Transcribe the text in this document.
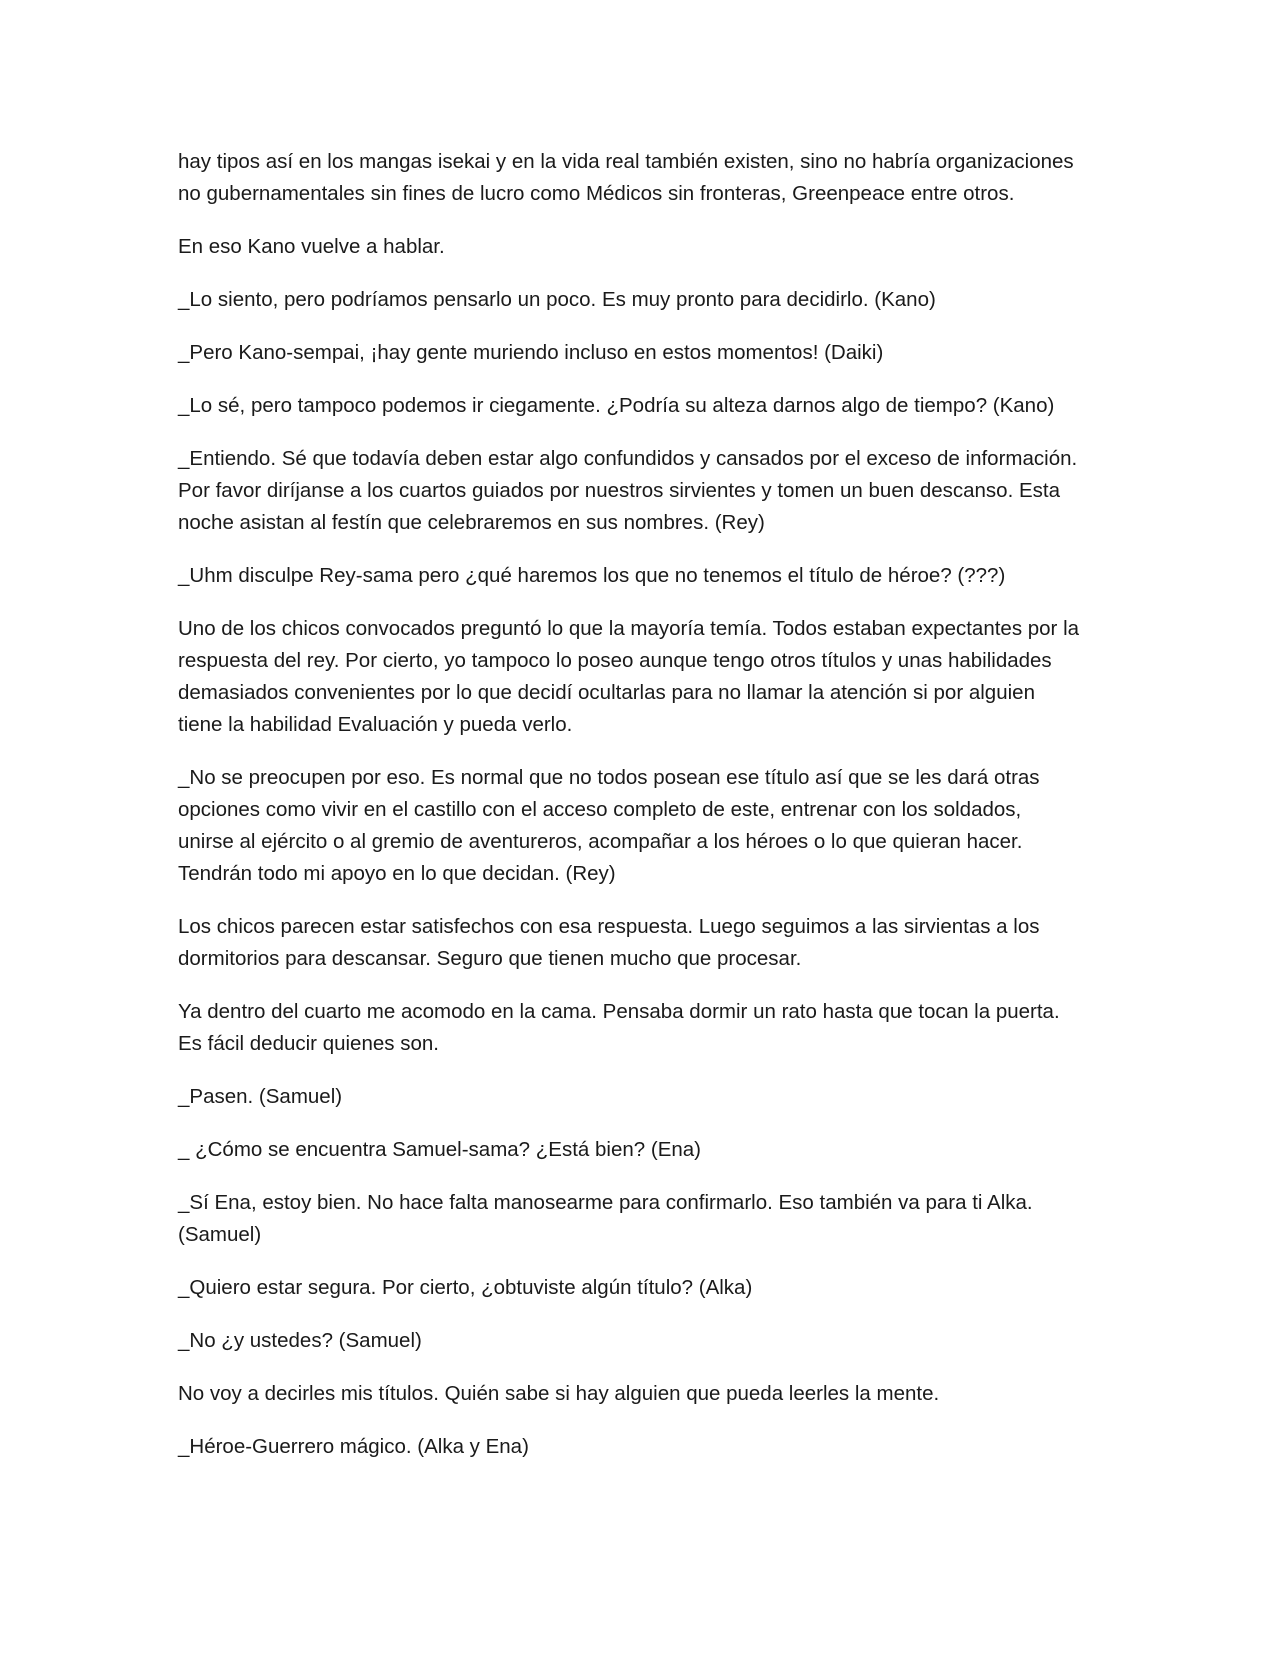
hay tipos así en los mangas isekai y en la vida real también existen, sino no habría organizaciones
no gubernamentales sin fines de lucro como Médicos sin fronteras, Greenpeace entre otros.

En eso Kano vuelve a hablar.

_Lo siento, pero podríamos pensarlo un poco. Es muy pronto para decidirlo. (Kano)

_Pero Kano-sempai, ¡hay gente muriendo incluso en estos momentos! (Daiki)

_Lo sé, pero tampoco podemos ir ciegamente. ¿Podría su alteza darnos algo de tiempo? (Kano)

_Entiendo. Sé que todavía deben estar algo confundidos y cansados por el exceso de información.
Por favor diríjanse a los cuartos guiados por nuestros sirvientes y tomen un buen descanso. Esta
noche asistan al festín que celebraremos en sus nombres. (Rey)

_Uhm disculpe Rey-sama pero ¿qué haremos los que no tenemos el título de héroe? (???)

Uno de los chicos convocados preguntó lo que la mayoría temía. Todos estaban expectantes por la
respuesta del rey. Por cierto, yo tampoco lo poseo aunque tengo otros títulos y unas habilidades
demasiados convenientes por lo que decidí ocultarlas para no llamar la atención si por alguien
tiene la habilidad Evaluación y pueda verlo.

_No se preocupen por eso. Es normal que no todos posean ese título así que se les dará otras
opciones como vivir en el castillo con el acceso completo de este, entrenar con los soldados,
unirse al ejército o al gremio de aventureros, acompañar a los héroes o lo que quieran hacer.
Tendrán todo mi apoyo en lo que decidan. (Rey)

Los chicos parecen estar satisfechos con esa respuesta. Luego seguimos a las sirvientas a los
dormitorios para descansar. Seguro que tienen mucho que procesar.

Ya dentro del cuarto me acomodo en la cama. Pensaba dormir un rato hasta que tocan la puerta.
Es fácil deducir quienes son.

_Pasen. (Samuel)

_ ¿Cómo se encuentra Samuel-sama? ¿Está bien? (Ena)

_Sí Ena, estoy bien. No hace falta manosearme para confirmarlo. Eso también va para ti Alka.
(Samuel)

_Quiero estar segura. Por cierto, ¿obtuviste algún título? (Alka)

_No ¿y ustedes? (Samuel)

No voy a decirles mis títulos. Quién sabe si hay alguien que pueda leerles la mente.

_Héroe-Guerrero mágico. (Alka y Ena)
